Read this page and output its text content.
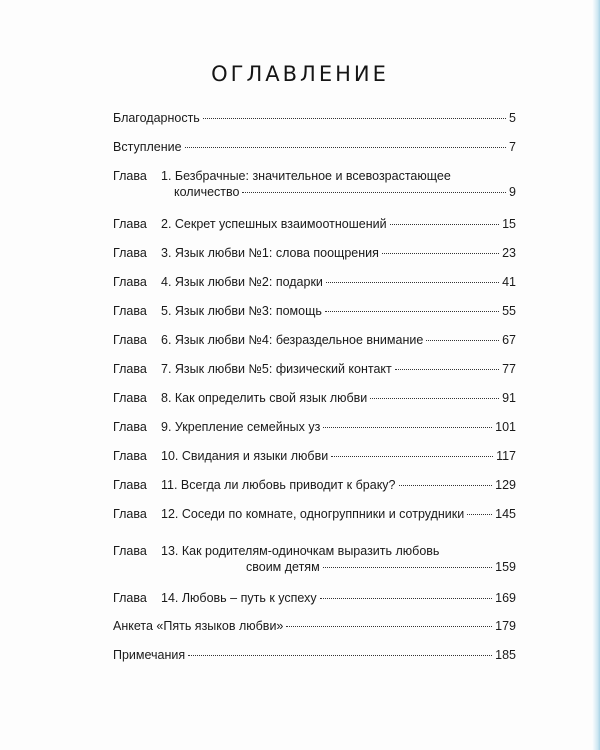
ОГЛАВЛЕНИЕ
Благодарность	5
Вступление	7
Глава	1. Безбрачные: значительное и всевозрастающее
количество	9
Глава	2. Секрет успешных взаимоотношений	15
Глава	3. Язык любви №1: слова поощрения	23
Глава	4. Язык любви №2: подарки	41
Глава	5. Язык любви №3: помощь	55
Глава	6. Язык любви №4: безраздельное внимание	67
Глава	7. Язык любви №5: физический контакт	77
Глава	8. Как определить свой язык любви	91
Глава	9. Укрепление семейных уз	101
Глава	10. Свидания и языки любви	117
Глава	11. Всегда ли любовь приводит к браку?	129
Глава	12. Соседи по комнате, одногруппники и сотрудники 145
Глава	13. Как родителям-одиночкам выразить любовь
своим детям	159
Глава	14. Любовь – путь к успеху	169
Анкета «Пять языков любви»	179
Примечания	185
